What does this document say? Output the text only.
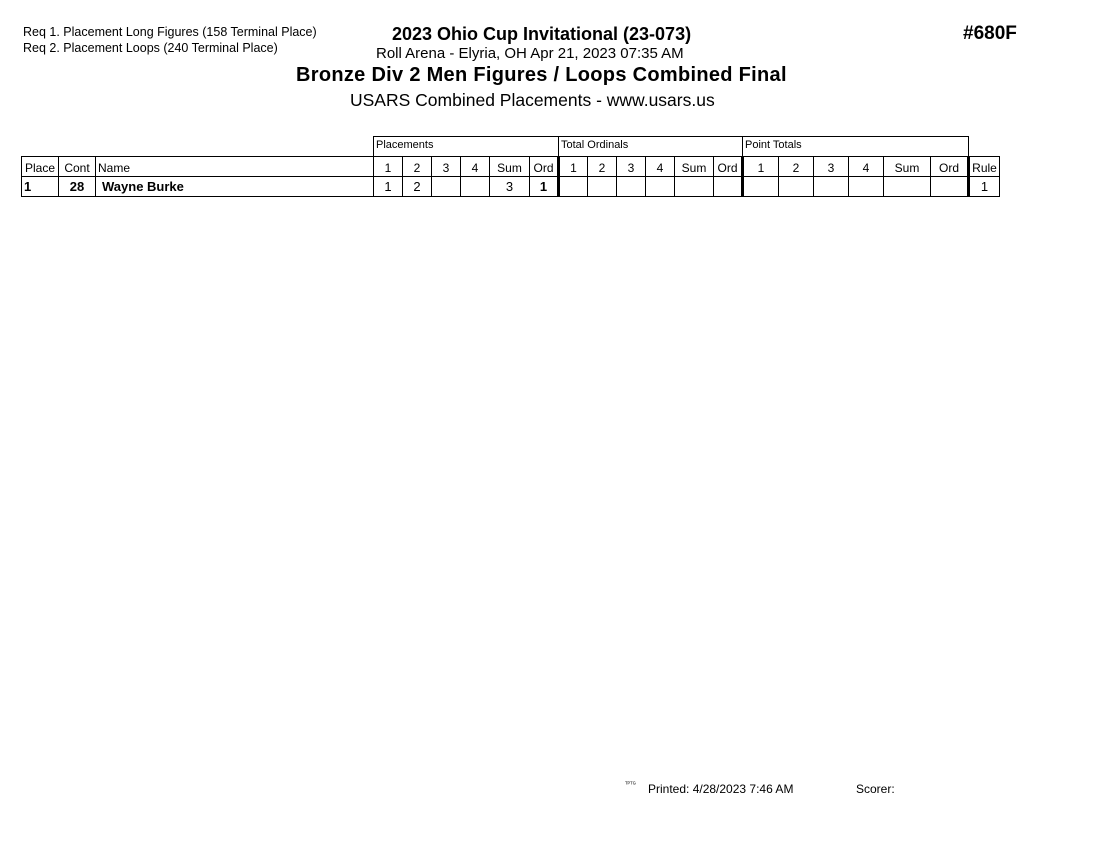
Req 1. Placement Long Figures (158 Terminal Place)
Req 2. Placement Loops (240 Terminal Place)
2023 Ohio Cup Invitational (23-073)
Roll Arena - Elyria, OH Apr 21, 2023 07:35 AM
Bronze Div 2 Men Figures / Loops Combined Final
USARS Combined Placements - www.usars.us
#680F
			Placements						Total Ordinals						Point Totals						
Place	Cont	Name	1	2	3	4	Sum	Ord	1	2	3	4	Sum	Ord	1	2	3	4	Sum	Ord	Rule
1	28	Wayne Burke	1	2			3	1													1
ᵀᴾᵀᴳ Printed: 4/28/2023 7:46 AM	Scorer:
